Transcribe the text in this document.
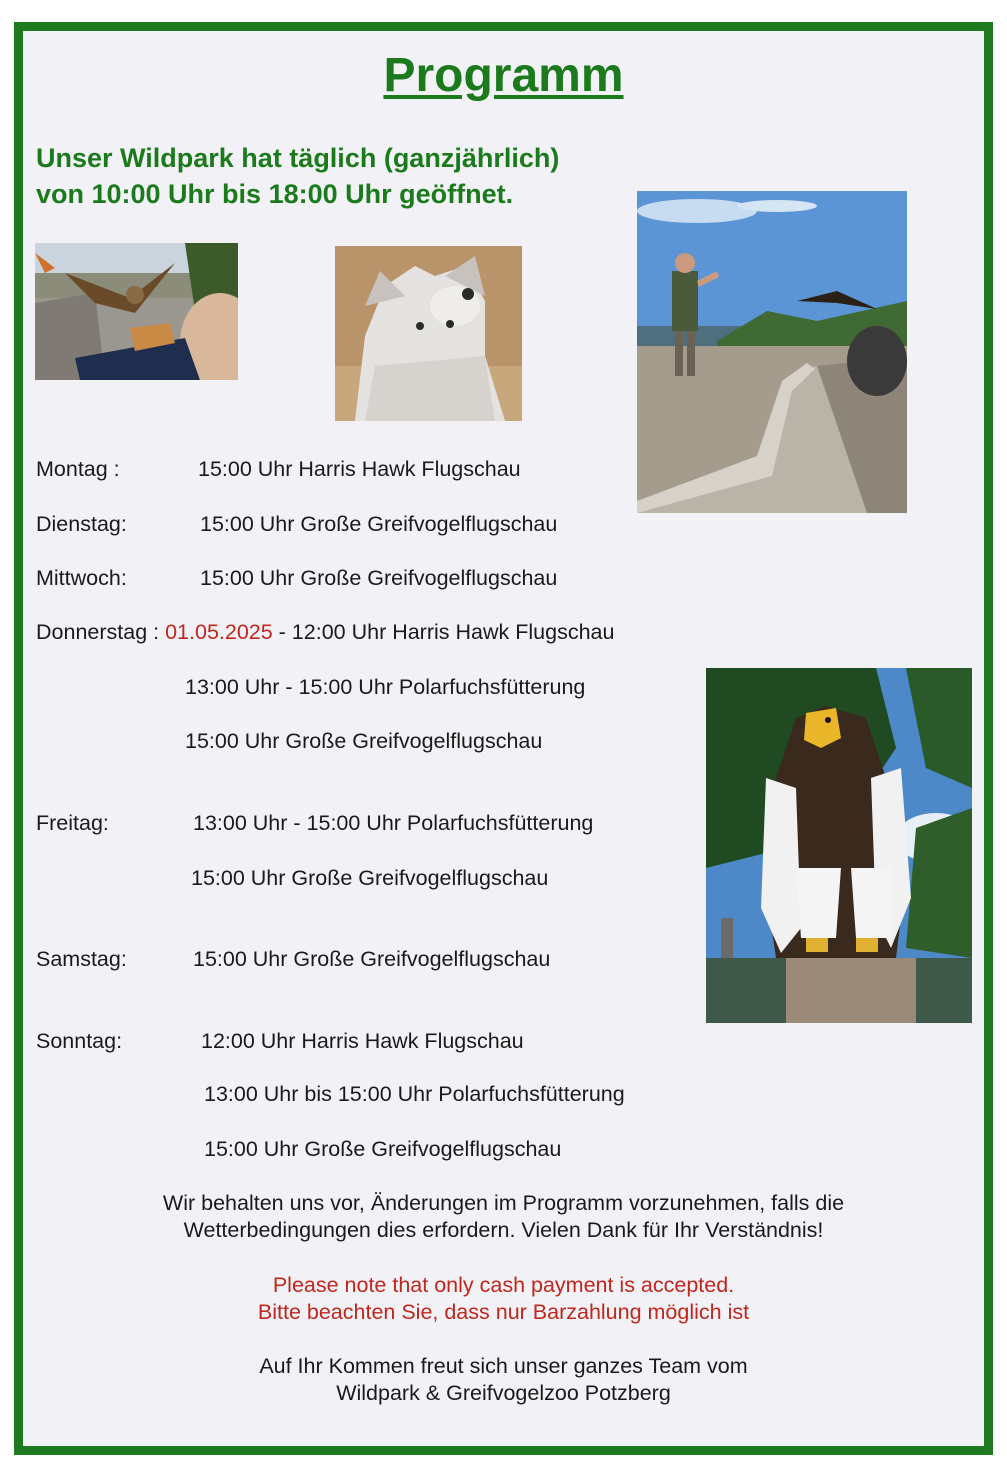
Programm
Unser Wildpark hat täglich (ganzjährlich)
von 10:00 Uhr bis 18:00 Uhr geöffnet.
Montag :	15:00 Uhr Harris Hawk Flugschau
Dienstag:	15:00 Uhr Große Greifvogelflugschau
Mittwoch:	15:00 Uhr Große Greifvogelflugschau
Donnerstag : 01.05.2025 - 12:00 Uhr Harris Hawk Flugschau
13:00 Uhr - 15:00 Uhr Polarfuchsfütterung
15:00 Uhr Große Greifvogelflugschau
Freitag:	13:00 Uhr - 15:00 Uhr Polarfuchsfütterung
15:00 Uhr Große Greifvogelflugschau
Samstag:	15:00 Uhr Große Greifvogelflugschau
Sonntag:	12:00 Uhr Harris Hawk Flugschau
13:00 Uhr bis 15:00 Uhr Polarfuchsfütterung
15:00 Uhr Große Greifvogelflugschau
Wir behalten uns vor, Änderungen im Programm vorzunehmen, falls die
Wetterbedingungen dies erfordern. Vielen Dank für Ihr Verständnis!
Please note that only cash payment is accepted.
Bitte beachten Sie, dass nur Barzahlung möglich ist
Auf Ihr Kommen freut sich unser ganzes Team vom
Wildpark & Greifvogelzoo Potzberg
